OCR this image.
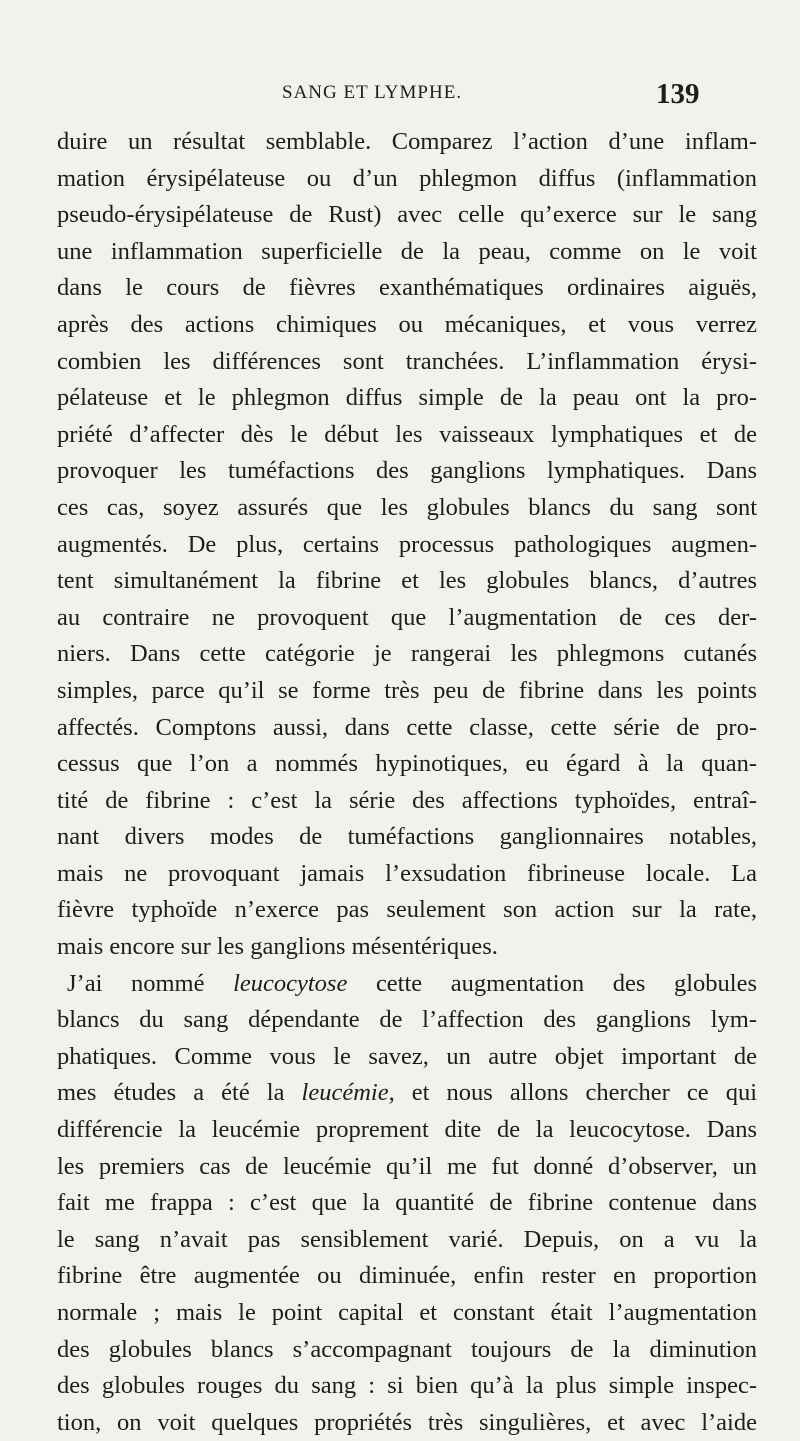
SANG ET LYMPHE.	139
duire un résultat semblable. Comparez l’action d’une inflam-
mation érysipélateuse ou d’un phlegmon diffus (inflammation
pseudo-érysipélateuse de Rust) avec celle qu’exerce sur le sang
une inflammation superficielle de la peau, comme on le voit
dans le cours de fièvres exanthématiques ordinaires aiguës,
après des actions chimiques ou mécaniques, et vous verrez
combien les différences sont tranchées. L’inflammation érysi-
pélateuse et le phlegmon diffus simple de la peau ont la pro-
priété d’affecter dès le début les vaisseaux lymphatiques et de
provoquer les tuméfactions des ganglions lymphatiques. Dans
ces cas, soyez assurés que les globules blancs du sang sont
augmentés. De plus, certains processus pathologiques augmen-
tent simultanément la fibrine et les globules blancs, d’autres
au contraire ne provoquent que l’augmentation de ces der-
niers. Dans cette catégorie je rangerai les phlegmons cutanés
simples, parce qu’il se forme très peu de fibrine dans les points
affectés. Comptons aussi, dans cette classe, cette série de pro-
cessus que l’on a nommés hypinotiques, eu égard à la quan-
tité de fibrine : c’est la série des affections typhoïdes, entraî-
nant divers modes de tuméfactions ganglionnaires notables,
mais ne provoquant jamais l’exsudation fibrineuse locale. La
fièvre typhoïde n’exerce pas seulement son action sur la rate,
mais encore sur les ganglions mésentériques.
J’ai nommé leucocytose cette augmentation des globules
blancs du sang dépendante de l’affection des ganglions lym-
phatiques. Comme vous le savez, un autre objet important de
mes études a été la leucémie, et nous allons chercher ce qui
différencie la leucémie proprement dite de la leucocytose. Dans
les premiers cas de leucémie qu’il me fut donné d’observer, un
fait me frappa : c’est que la quantité de fibrine contenue dans
le sang n’avait pas sensiblement varié. Depuis, on a vu la
fibrine être augmentée ou diminuée, enfin rester en proportion
normale ; mais le point capital et constant était l’augmentation
des globules blancs s’accompagnant toujours de la diminution
des globules rouges du sang : si bien qu’à la plus simple inspec-
tion, on voit quelques propriétés très singulières, et avec l’aide
